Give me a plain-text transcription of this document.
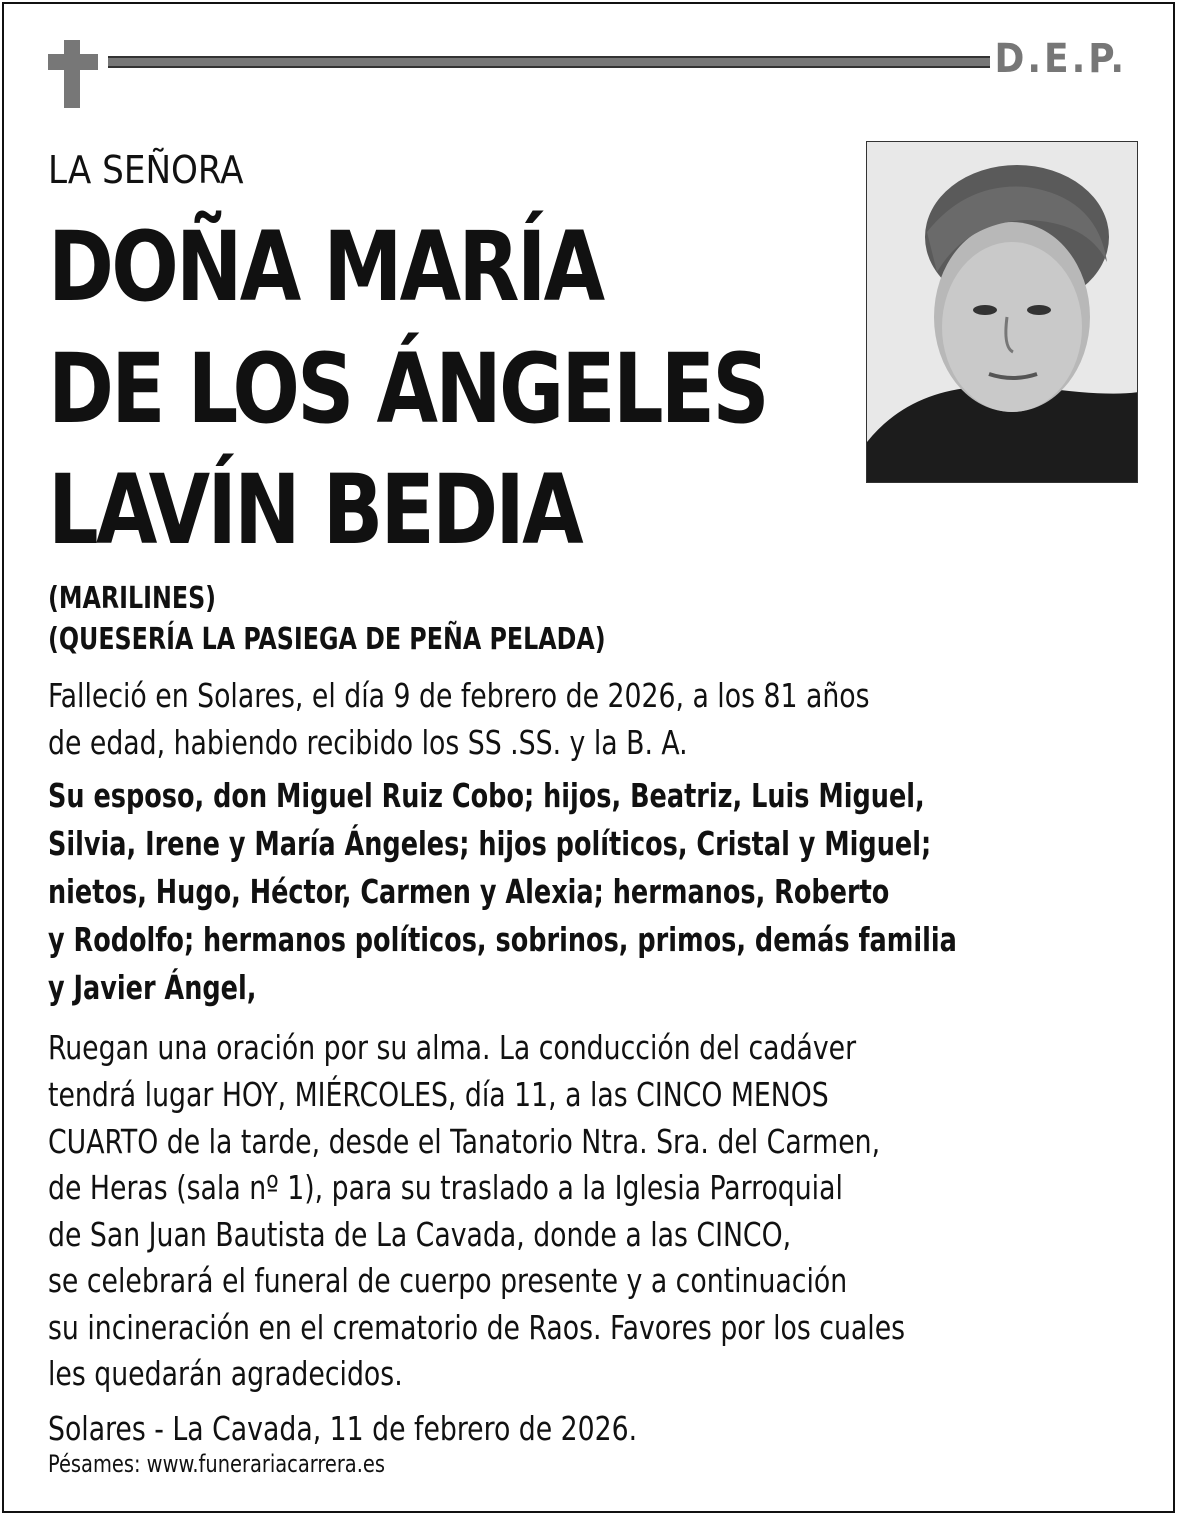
D.E.P.
LA SEÑORA
DOÑA MARÍA
DE LOS ÁNGELES
LAVÍN BEDIA
(MARILINES)
(QUESERÍA LA PASIEGA DE PEÑA PELADA)
Falleció en Solares, el día 9 de febrero de 2026, a los 81 años
de edad, habiendo recibido los SS .SS. y la B. A.
Su esposo, don Miguel Ruiz Cobo; hijos, Beatriz, Luis Miguel,
Silvia, Irene y María Ángeles; hijos políticos, Cristal y Miguel;
nietos, Hugo, Héctor, Carmen y Alexia; hermanos, Roberto
y Rodolfo; hermanos políticos, sobrinos, primos, demás familia
y Javier Ángel,
Ruegan una oración por su alma. La conducción del cadáver
tendrá lugar HOY, MIÉRCOLES, día 11, a las CINCO MENOS
CUARTO de la tarde, desde el Tanatorio Ntra. Sra. del Carmen,
de Heras (sala nº 1), para su traslado a la Iglesia Parroquial
de San Juan Bautista de La Cavada, donde a las CINCO,
se celebrará el funeral de cuerpo presente y a continuación
su incineración en el crematorio de Raos. Favores por los cuales
les quedarán agradecidos.
Solares - La Cavada, 11 de febrero de 2026.
Pésames: www.funerariacarrera.es
